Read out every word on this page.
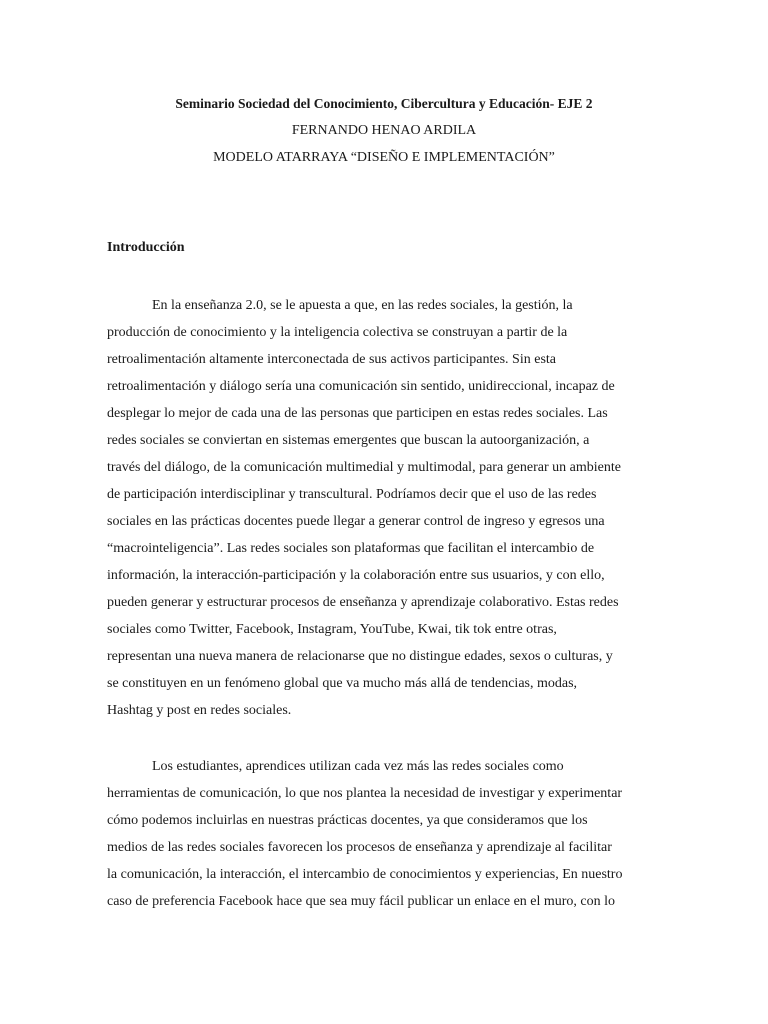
Seminario Sociedad del Conocimiento, Cibercultura y Educación- EJE 2
FERNANDO HENAO ARDILA
MODELO ATARRAYA “DISEÑO E IMPLEMENTACIÓN”
Introducción
En la enseñanza 2.0, se le apuesta a que, en las redes sociales, la gestión, la
producción de conocimiento y la inteligencia colectiva se construyan a partir de la
retroalimentación altamente interconectada de sus activos participantes. Sin esta
retroalimentación y diálogo sería una comunicación sin sentido, unidireccional, incapaz de
desplegar lo mejor de cada una de las personas que participen en estas redes sociales. Las
redes sociales se conviertan en sistemas emergentes que buscan la autoorganización, a
través del diálogo, de la comunicación multimedial y multimodal, para generar un ambiente
de participación interdisciplinar y transcultural. Podríamos decir que el uso de las redes
sociales en las prácticas docentes puede llegar a generar control de ingreso y egresos una
“macrointeligencia”. Las redes sociales son plataformas que facilitan el intercambio de
información, la interacción-participación y la colaboración entre sus usuarios, y con ello,
pueden generar y estructurar procesos de enseñanza y aprendizaje colaborativo. Estas redes
sociales como Twitter, Facebook, Instagram, YouTube, Kwai, tik tok entre otras,
representan una nueva manera de relacionarse que no distingue edades, sexos o culturas, y
se constituyen en un fenómeno global que va mucho más allá de tendencias, modas,
Hashtag y post en redes sociales.
Los estudiantes, aprendices utilizan cada vez más las redes sociales como
herramientas de comunicación, lo que nos plantea la necesidad de investigar y experimentar
cómo podemos incluirlas en nuestras prácticas docentes, ya que consideramos que los
medios de las redes sociales favorecen los procesos de enseñanza y aprendizaje al facilitar
la comunicación, la interacción, el intercambio de conocimientos y experiencias, En nuestro
caso de preferencia Facebook hace que sea muy fácil publicar un enlace en el muro, con lo
